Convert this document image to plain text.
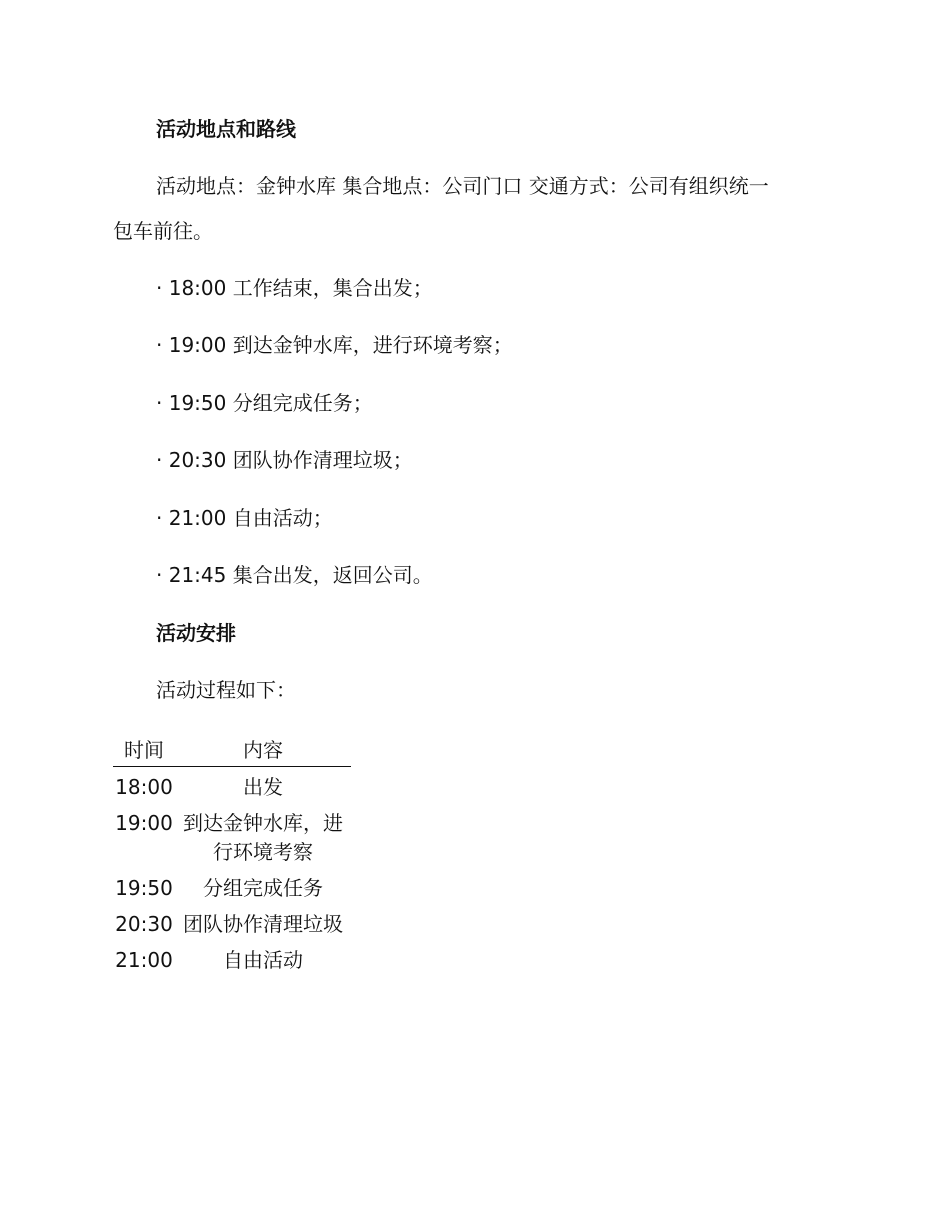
活动地点和路线
活动地点：金钟水库 集合地点：公司门口 交通方式：公司有组织统一
包车前往。
· 18:00 工作结束，集合出发；
· 19:00 到达金钟水库，进行环境考察；
· 19:50 分组完成任务；
· 20:30 团队协作清理垃圾；
· 21:00 自由活动；
· 21:45 集合出发，返回公司。
活动安排
活动过程如下：
时间	内容
18:00	出发
19:00 到达金钟水库，进行环境考察
19:50	分组完成任务
20:30 团队协作清理垃圾
21:00	自由活动
